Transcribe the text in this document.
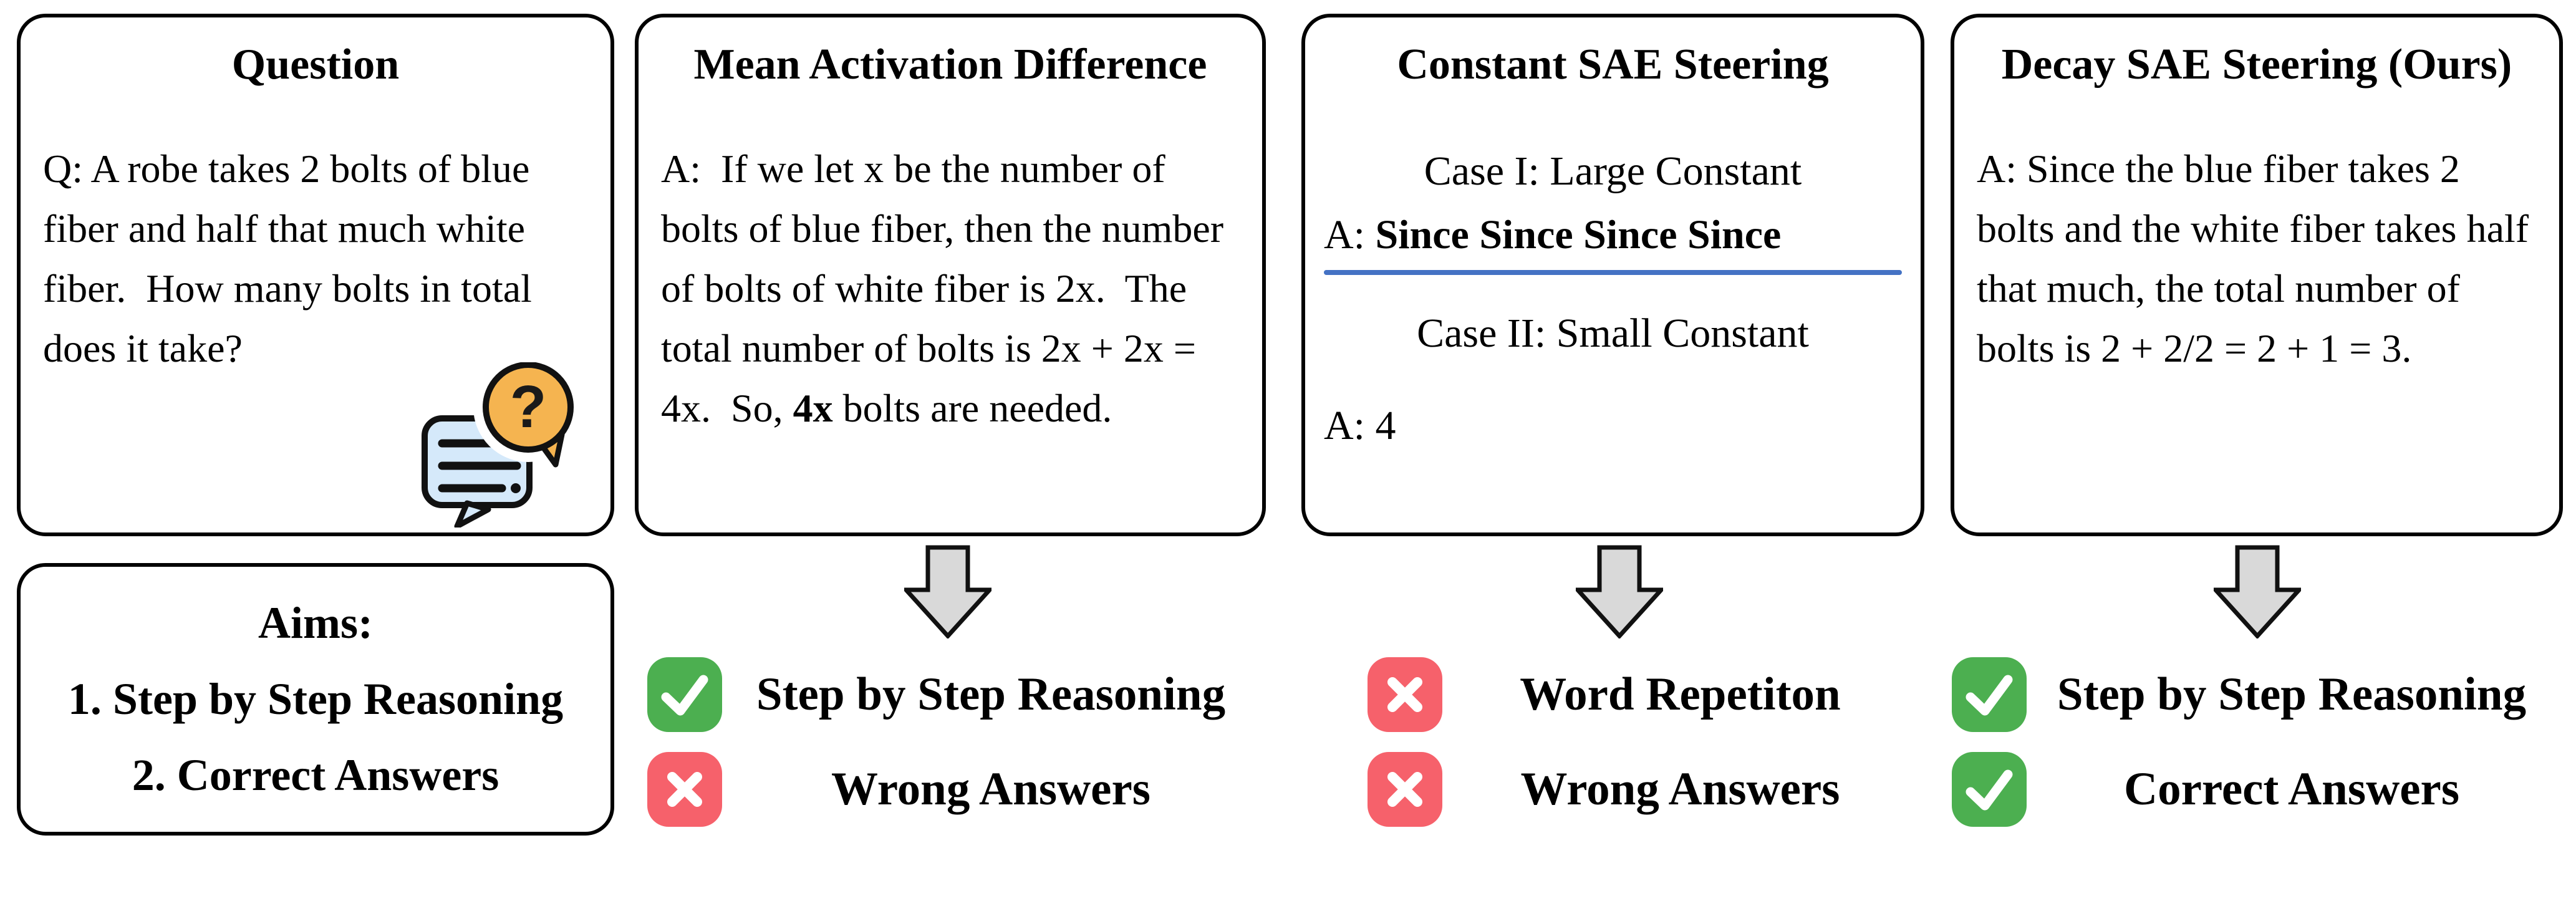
Question
Q: A robe takes 2 bolts of blue fiber and half that much white fiber.  How many bolts in total does it take?
?
Mean Activation Difference
A:  If we let x be the number of bolts of blue fiber, then the number of bolts of white fiber is 2x.  The total number of bolts is 2x + 2x = 4x.  So, 4x bolts are needed.
Constant SAE Steering
Case I: Large Constant
A: Since Since Since Since
Case II: Small Constant
A: 4
Decay SAE Steering (Ours)
A: Since the blue fiber takes 2 bolts and the white fiber takes half that much, the total number of bolts is 2 + 2/2 = 2 + 1 = 3.
Aims:
1. Step by Step Reasoning
2. Correct Answers
Step by Step Reasoning
Wrong Answers
Word Repetiton
Wrong Answers
Step by Step Reasoning
Correct Answers
